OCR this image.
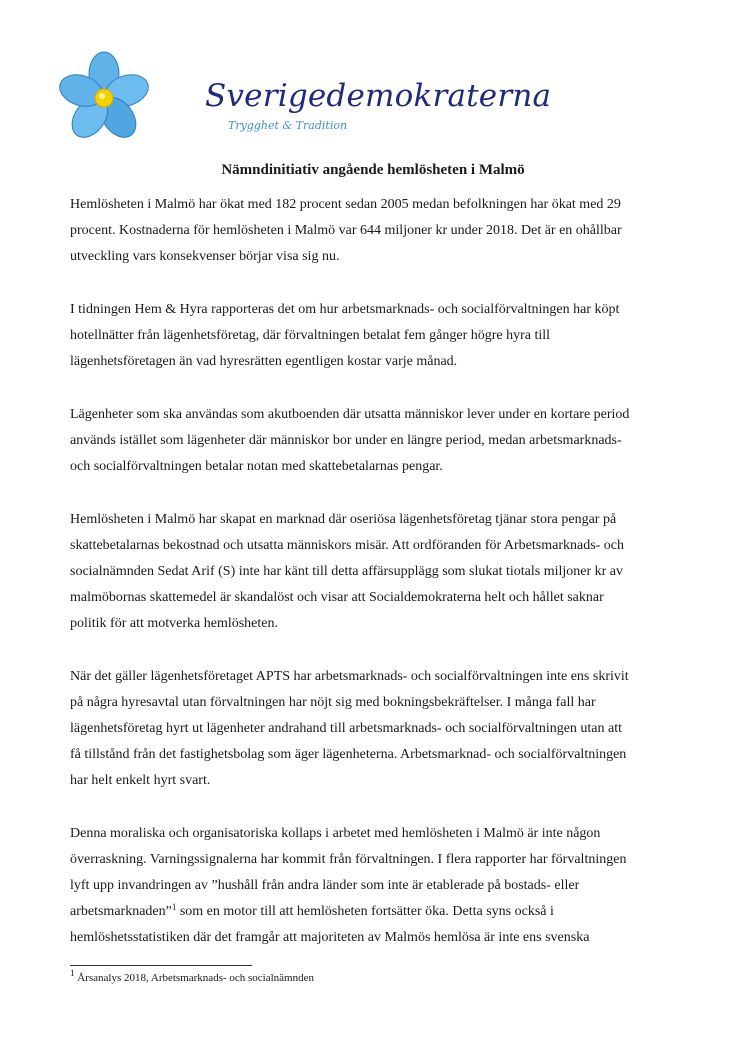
Sverigedemokraterna
Trygghet & Tradition
Nämndinitiativ angående hemlösheten i Malmö

Hemlösheten i Malmö har ökat med 182 procent sedan 2005 medan befolkningen har ökat med 29
procent. Kostnaderna för hemlösheten i Malmö var 644 miljoner kr under 2018. Det är en ohållbar
utveckling vars konsekvenser börjar visa sig nu.

I tidningen Hem & Hyra rapporteras det om hur arbetsmarknads- och socialförvaltningen har köpt
hotellnätter från lägenhetsföretag, där förvaltningen betalat fem gånger högre hyra till
lägenhetsföretagen än vad hyresrätten egentligen kostar varje månad.

Lägenheter som ska användas som akutboenden där utsatta människor lever under en kortare period
används istället som lägenheter där människor bor under en längre period, medan arbetsmarknads-
och socialförvaltningen betalar notan med skattebetalarnas pengar.

Hemlösheten i Malmö har skapat en marknad där oseriösa lägenhetsföretag tjänar stora pengar på
skattebetalarnas bekostnad och utsatta människors misär. Att ordföranden för Arbetsmarknads- och
socialnämnden Sedat Arif (S) inte har känt till detta affärsupplägg som slukat tiotals miljoner kr av
malmöbornas skattemedel är skandalöst och visar att Socialdemokraterna helt och hållet saknar
politik för att motverka hemlösheten.

När det gäller lägenhetsföretaget APTS har arbetsmarknads- och socialförvaltningen inte ens skrivit
på några hyresavtal utan förvaltningen har nöjt sig med bokningsbekräftelser. I många fall har
lägenhetsföretag hyrt ut lägenheter andrahand till arbetsmarknads- och socialförvaltningen utan att
få tillstånd från det fastighetsbolag som äger lägenheterna. Arbetsmarknad- och socialförvaltningen
har helt enkelt hyrt svart.

Denna moraliska och organisatoriska kollaps i arbetet med hemlösheten i Malmö är inte någon
överraskning. Varningssignalerna har kommit från förvaltningen. I flera rapporter har förvaltningen
lyft upp invandringen av ”hushåll från andra länder som inte är etablerade på bostads- eller
arbetsmarknaden”$^1$ som en motor till att hemlösheten fortsätter öka. Detta syns också i
hemlöshetsstatistiken där det framgår att majoriteten av Malmös hemlösa är inte ens svenska

$^1$ Årsanalys 2018, Arbetsmarknads- och socialnämnden
